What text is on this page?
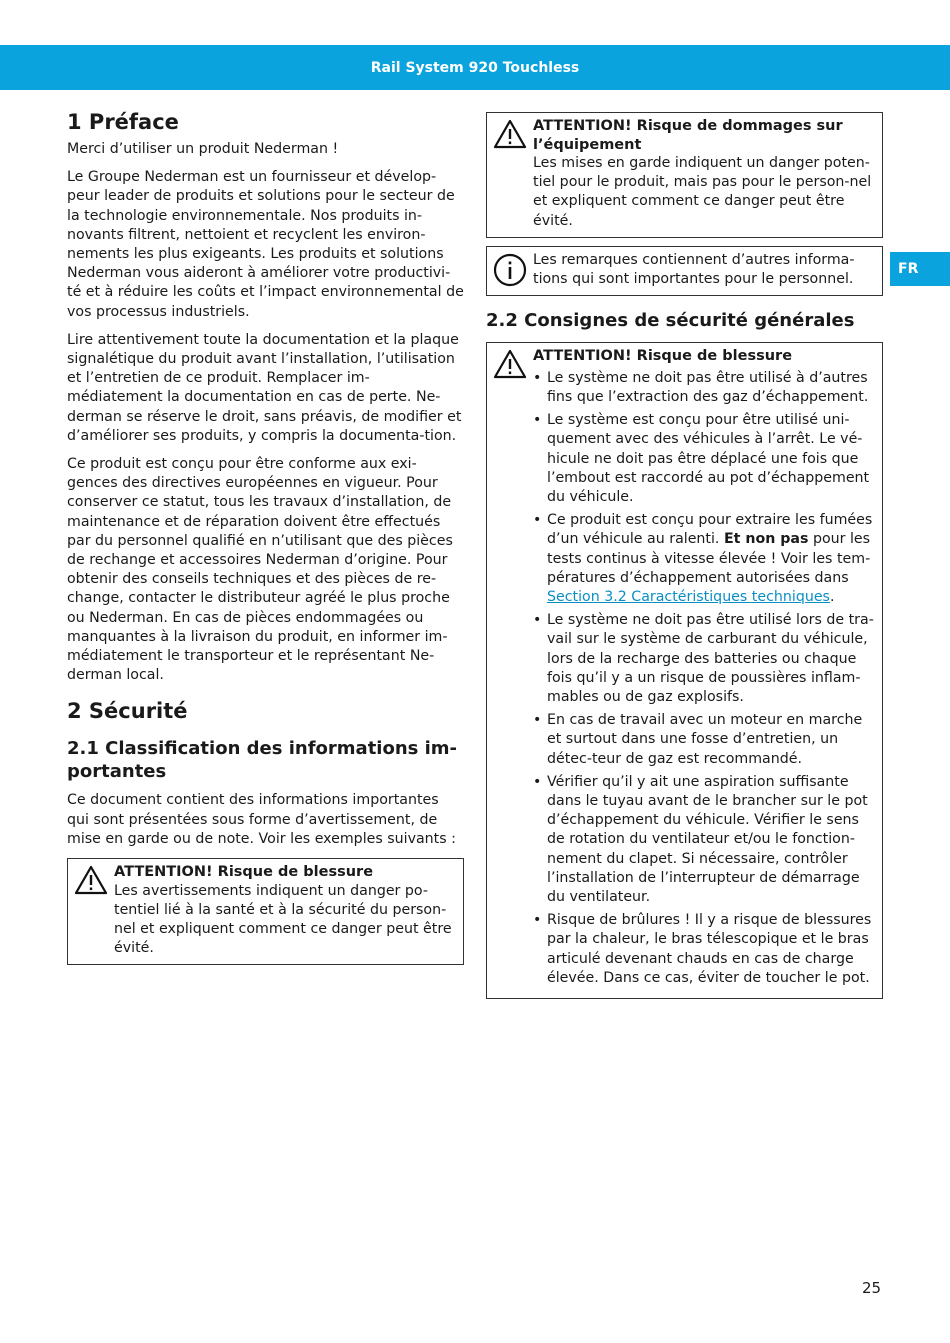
Rail System 920 Touchless
FR
1 Préface

Merci d’utiliser un produit Nederman !

Le Groupe Nederman est un fournisseur et dévelop-peur leader de produits et solutions pour le secteur de la technologie environnementale. Nos produits in-novants filtrent, nettoient et recyclent les environ-nements les plus exigeants. Les produits et solutions Nederman vous aideront à améliorer votre productivi-té et à réduire les coûts et l’impact environnemental de vos processus industriels.

Lire attentivement toute la documentation et la plaque signalétique du produit avant l’installation, l’utilisation et l’entretien de ce produit. Remplacer im-médiatement la documentation en cas de perte. Ne-derman se réserve le droit, sans préavis, de modifier et d’améliorer ses produits, y compris la documenta-tion.

Ce produit est conçu pour être conforme aux exi-gences des directives européennes en vigueur. Pour conserver ce statut, tous les travaux d’installation, de maintenance et de réparation doivent être effectués par du personnel qualifié en n’utilisant que des pièces de rechange et accessoires Nederman d’origine. Pour obtenir des conseils techniques et des pièces de re-change, contacter le distributeur agréé le plus proche ou Nederman. En cas de pièces endommagées ou manquantes à la livraison du produit, en informer im-médiatement le transporteur et le représentant Ne-derman local.

2 Sécurité
2.1 Classification des informations im-portantes

Ce document contient des informations importantes qui sont présentées sous forme d’avertissement, de mise en garde ou de note. Voir les exemples suivants :

ATTENTION! Risque de blessure
Les avertissements indiquent un danger po-tentiel lié à la santé et à la sécurité du person-nel et expliquent comment ce danger peut être évité.
ATTENTION! Risque de dommages sur l’équipement
Les mises en garde indiquent un danger poten-tiel pour le produit, mais pas pour le person-nel et expliquent comment ce danger peut être évité.
Les remarques contiennent d’autres informa-tions qui sont importantes pour le personnel.
2.2 Consignes de sécurité générales
ATTENTION! Risque de blessure
• Le système ne doit pas être utilisé à d’autres fins que l’extraction des gaz d’échappement.
• Le système est conçu pour être utilisé uni-quement avec des véhicules à l’arrêt. Le vé-hicule ne doit pas être déplacé une fois que l’embout est raccordé au pot d’échappement du véhicule.
• Ce produit est conçu pour extraire les fumées d’un véhicule au ralenti. Et non pas pour les tests continus à vitesse élevée ! Voir les tem-pératures d’échappement autorisées dans Section 3.2 Caractéristiques techniques.
• Le système ne doit pas être utilisé lors de tra-vail sur le système de carburant du véhicule, lors de la recharge des batteries ou chaque fois qu’il y a un risque de poussières inflam-mables ou de gaz explosifs.
• En cas de travail avec un moteur en marche et surtout dans une fosse d’entretien, un détec-teur de gaz est recommandé.
• Vérifier qu’il y ait une aspiration suffisante dans le tuyau avant de le brancher sur le pot d’échappement du véhicule. Vérifier le sens de rotation du ventilateur et/ou le fonction-nement du clapet. Si nécessaire, contrôler l’installation de l’interrupteur de démarrage du ventilateur.
• Risque de brûlures ! Il y a risque de blessures par la chaleur, le bras télescopique et le bras articulé devenant chauds en cas de charge élevée. Dans ce cas, éviter de toucher le pot.
25
